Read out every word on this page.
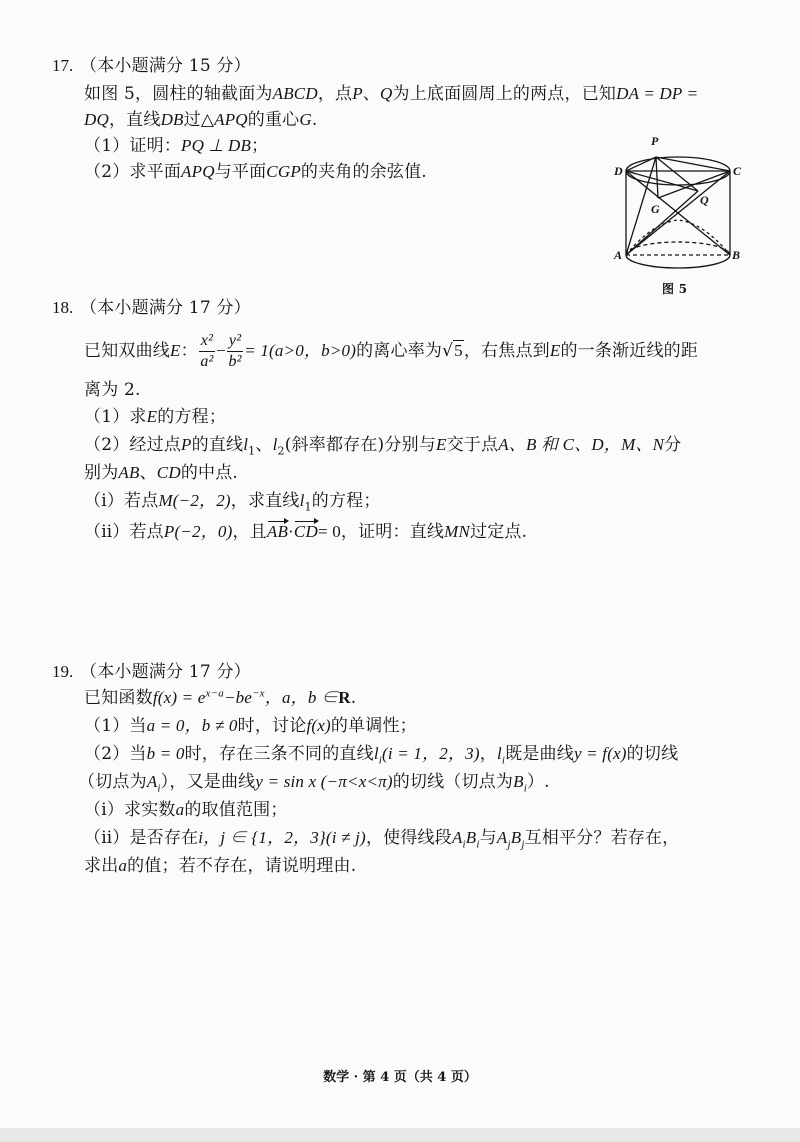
17. （本小题满分 15 分）
如图 5，圆柱的轴截面为ABCD，点P、Q为上底面圆周上的两点，已知DA = DP =
DQ，直线DB过△APQ的重心G.
（1）证明：PQ ⊥ DB；
（2）求平面APQ与平面CGP的夹角的余弦值.
P
D	C
G
Q
A	B
图 5
18. （本小题满分 17 分）
已知双曲线E： $\frac{\text{x²}}{\text{a²}} - \frac{\text{y²}}{\text{b²}} = 1(a>0$，b>0)的离心率为√5，右焦点到E的一条渐近线的距
离为 2.
（1）求E的方程；
（2）经过点P的直线$l_1$、$l_2$(斜率都存在)分别与E交于点A、B 和 C、D，M、N分
别为AB、CD的中点.
（ⅰ）若点M(−2，2)，求直线$l_1$的方程；
（ⅱ）若点P(−2，0)，且AB·CD= 0，证明：直线MN过定点.
19. （本小题满分 17 分）
已知函数$f(x) = e^{x-a}-be^{-x}$，a，b ∈R.
（1）当a = 0，b ≠ 0时，讨论f(x)的单调性；
（2）当b = 0时，存在三条不同的直线$l_i(i = 1$，2，3)，$l_i$既是曲线y = f(x)的切线
（切点为$A_i$），又是曲线y = sin x (−π<x<π)的切线（切点为$B_i$）.
（ⅰ）求实数a的取值范围；
（ⅱ）是否存在i，j ∈ {1，2，3}(i ≠ j)，使得线段$A_iB_i$与$A_jB_j$互相平分？若存在，
求出a的值；若不存在，请说明理由.
数学 · 第 4 页（共 4 页）
